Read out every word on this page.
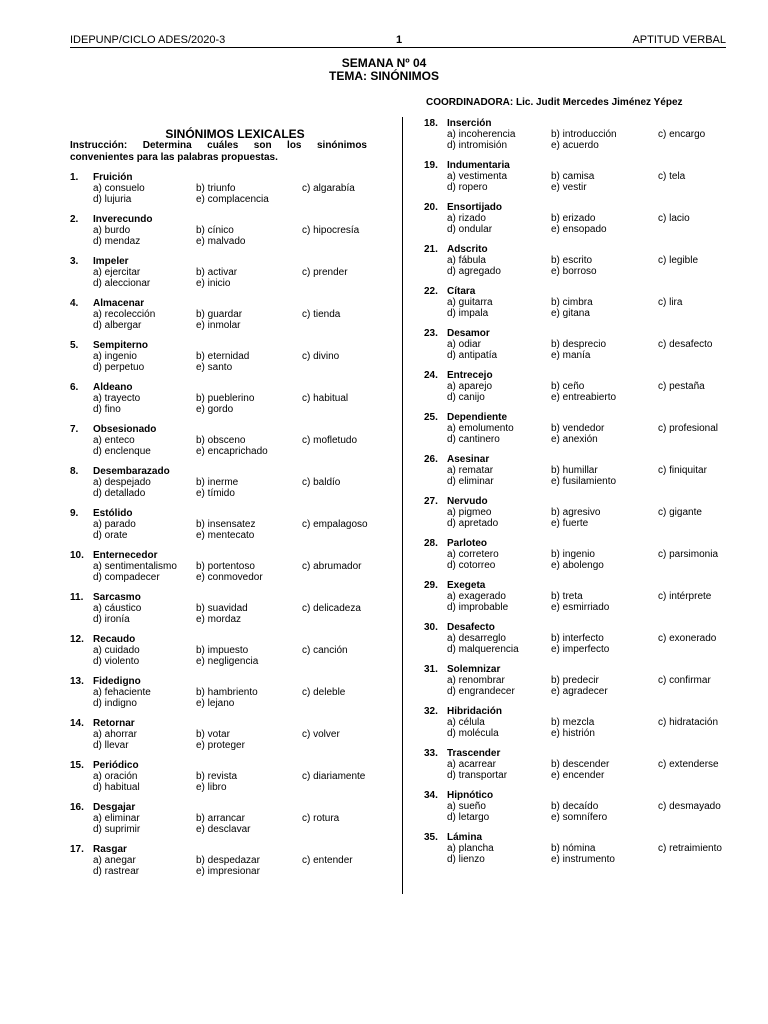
IDEPUNP/CICLO ADES/2020-3	1	APTITUD VERBAL
SEMANA Nº 04
TEMA: SINÓNIMOS
COORDINADORA: Lic. Judit Mercedes Jiménez Yépez
SINÓNIMOS LEXICALES
Instrucción: Determina cuáles son los sinónimos convenientes para las palabras propuestas.
1. Fruición
a) consuelo	b) triunfo	c) algarabía
d) lujuria	e) complacencia
2. Inverecundo
a) burdo	b) cínico	c) hipocresía
d) mendaz	e) malvado
3. Impeler
a) ejercitar	b) activar	c) prender
d) aleccionar	e) inicio
4. Almacenar
a) recolección	b) guardar	c) tienda
d) albergar	e) inmolar
5. Sempiterno
a) ingenio	b) eternidad	c) divino
d) perpetuo	e) santo
6. Aldeano
a) trayecto	b) pueblerino	c) habitual
d) fino	e) gordo
7. Obsesionado
a) enteco	b) obsceno	c) mofletudo
d) enclenque	e) encaprichado
8. Desembarazado
a) despejado	b) inerme	c) baldío
d) detallado	e) tímido
9. Estólido
a) parado	b) insensatez	c) empalagoso
d) orate	e) mentecato
10. Enternecedor
a) sentimentalismo b) portentoso	c) abrumador
d) compadecer	e) conmovedor
11. Sarcasmo
a) cáustico	b) suavidad	c) delicadeza
d) ironía	e) mordaz
12. Recaudo
a) cuidado	b) impuesto	c) canción
d) violento	e) negligencia
13. Fidedigno
a) fehaciente	b) hambriento	c) deleble
d) indigno	e) lejano
14. Retornar
a) ahorrar	b) votar	c) volver
d) llevar	e) proteger
15. Periódico
a) oración	b) revista	c) diariamente
d) habitual	e) libro
16. Desgajar
a) eliminar	b) arrancar	c) rotura
d) suprimir	e) desclavar
17. Rasgar
a) anegar	b) despedazar	c) entender
d) rastrear	e) impresionar
18. Inserción
a) incoherencia	b) introducción	c) encargo
d) intromisión	e) acuerdo
19. Indumentaria
a) vestimenta	b) camisa	c) tela
d) ropero	e) vestir
20. Ensortijado
a) rizado	b) erizado	c) lacio
d) ondular	e) ensopado
21. Adscrito
a) fábula	b) escrito	c) legible
d) agregado	e) borroso
22. Cítara
a) guitarra	b) cimbra	c) lira
d) impala	e) gitana
23. Desamor
a) odiar	b) desprecio	c) desafecto
d) antipatía	e) manía
24. Entrecejo
a) aparejo	b) ceño	c) pestaña
d) canijo	e) entreabierto
25. Dependiente
a) emolumento	b) vendedor	c) profesional
d) cantinero	e) anexión
26. Asesinar
a) rematar	b) humillar	c) finiquitar
d) eliminar	e) fusilamiento
27. Nervudo
a) pigmeo	b) agresivo	c) gigante
d) apretado	e) fuerte
28. Parloteo
a) corretero	b) ingenio	c) parsimonia
d) cotorreo	e) abolengo
29. Exegeta
a) exagerado	b) treta	c) intérprete
d) improbable	e) esmirriado
30. Desafecto
a) desarreglo	b) interfecto	c) exonerado
d) malquerencia	e) imperfecto
31. Solemnizar
a) renombrar	b) predecir	c) confirmar
d) engrandecer	e) agradecer
32. Hibridación
a) célula	b) mezcla	c) hidratación
d) molécula	e) histrión
33. Trascender
a) acarrear	b) descender	c) extenderse
d) transportar	e) encender
34. Hipnótico
a) sueño	b) decaído	c) desmayado
d) letargo	e) somnífero
35. Lámina
a) plancha	b) nómina	c) retraimiento
d) lienzo	e) instrumento
